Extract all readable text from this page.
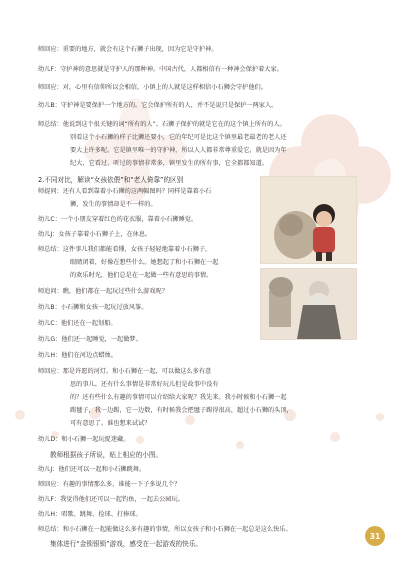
师回应：重要的地方，就会有这个石狮子出现，因为它是守护神。
幼儿F：守护神的意思就是守护人的那种神。中国古代，人都相信有一种神会保护着大家。
师回应：对，心里有信仰所以会相信，小镇上的人就是这样相信小石狮会守护他们。
幼儿B：守护神是要保护一个地方的。它会保护所有的人，并不是说只是保护一两家人。
师总结：他说到这个很关键的词“所有的人”。石狮子保护的就是它在的这个镇上所有的人。
别看这个小石狮的样子比狮还要小，它的年纪可是比这个镇里最老最老的老人还
要大上许多呢。它是镇里唯一的守护神，所以人人都非常尊重爱它，就是因为年
纪大，它看过、听过的事情非常多，镇里发生的所有事，它全都都知道。
2.不同对比，解读“女孩依偎”和“老人倚靠”的区别
师提问：还有人看到靠着小石狮的这两幅图吗？同样是靠着小石
狮，发生的事情却是不一样的。
幼儿C：一个小朋友穿着红色的花衣服，靠着小石狮睡觉。
幼儿J：女孩子靠着小石狮子上，在休息。
师总结：这件事儿我们都能看懂，女孩子轻轻地靠着小石狮子，
眼睛闭着，好像在想些什么。她想起了和小石狮在一起
的欢乐时光，他们总是在一起做一些有意思的事情。
师追问：瞧，他们都在一起玩过些什么游戏呢？
幼儿B：小石狮和女孩一起玩过放风筝。
幼儿C：他们还在一起划船。
幼儿G：他们还一起睡觉，一起做梦。
幼儿H：他们在河边点蜡烛。
师回应：那是许愿的河灯。和小石狮在一起，可以做这么多有意
思的事儿。还有什么事情是非常好玩儿但是故事中没有
的？还有些什么有趣的事情可以介绍给大家呢？我先来。我小时候和小石狮一起
踢毽子，我一边踢，它一边数，有时候我会把毽子踢得很高，超过小石狮的头顶，
可有意思了。谁也想来试试？
幼儿D：和小石狮一起玩捉迷藏。
教师根据孩子所说，贴上相应的小图。
幼儿J：他们还可以一起和小石狮跳舞。
师回应：有趣的事情那么多，谁能一下子多说几个？
幼儿F：我觉得他们还可以一起钓鱼，一起去公园玩。
幼儿H：唱歌、跳舞、捡球、打捧球。
师总结：和小石狮在一起能做这么多有趣的事情，所以女孩子和小石狮在一起总是这么快乐。
集体进行“金锁银锁”游戏，感受在一起游戏的快乐。
31
